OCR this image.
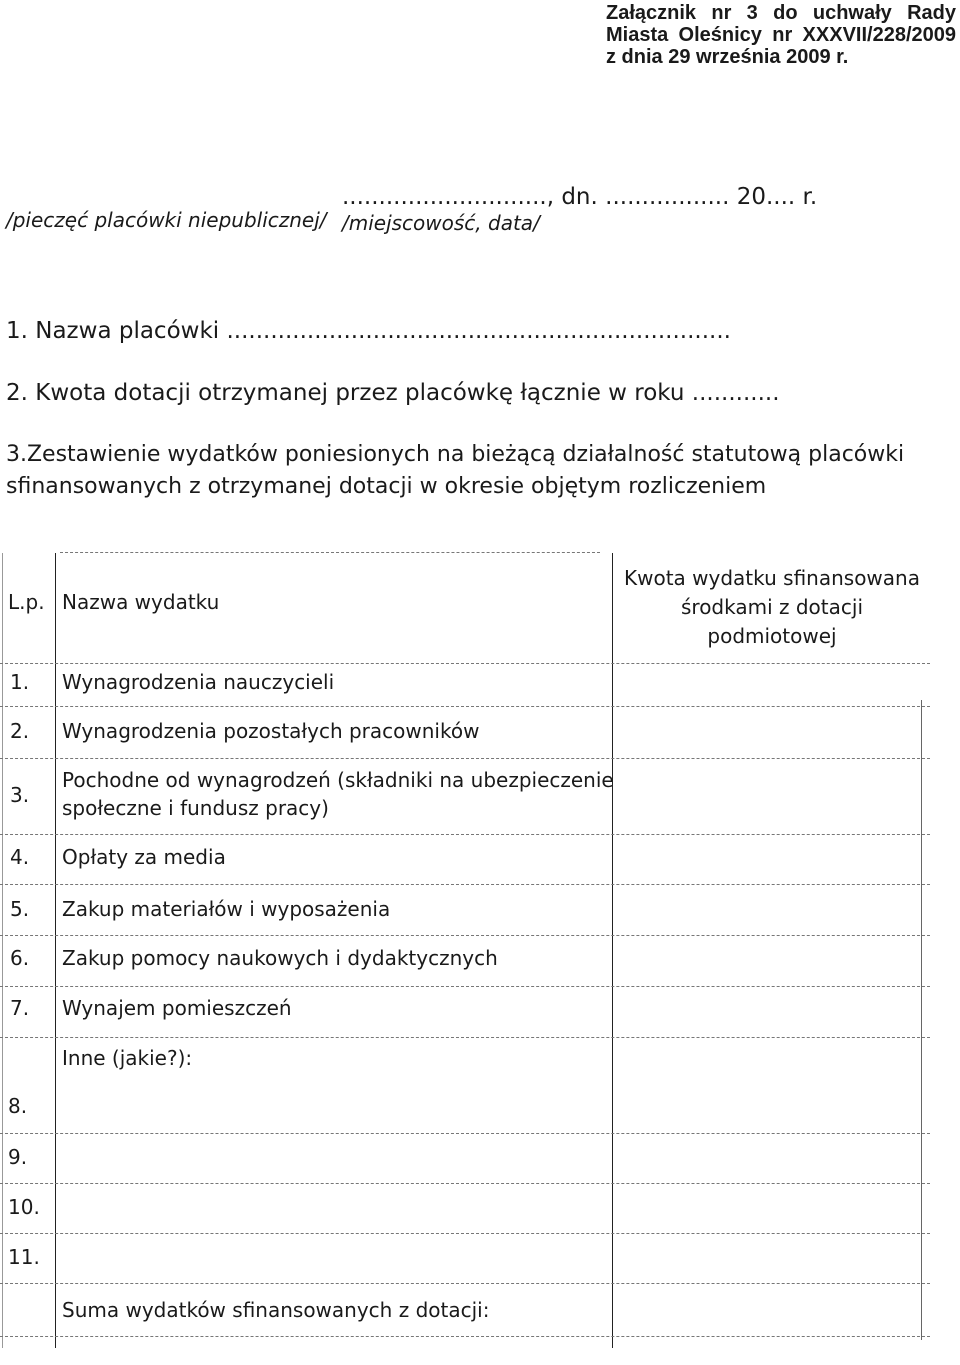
Załącznik nr 3 do uchwały Rady
Miasta Oleśnicy nr XXXVII/228/2009
z dnia 29 września 2009 r.
/pieczęć placówki niepublicznej/
............................, dn. ................. 20.... r.
/miejscowość, data/
1. Nazwa placówki .....................................................................
2. Kwota dotacji otrzymanej przez placówkę łącznie w roku ............
3.Zestawienie wydatków poniesionych na bieżącą działalność statutową placówki
sfinansowanych z otrzymanej dotacji w okresie objętym rozliczeniem
L.p. Nazwa wydatku
Kwota wydatku sfinansowana
środkami z dotacji
podmiotowej
1. Wynagrodzenia nauczycieli
2. Wynagrodzenia pozostałych pracowników
3.
Pochodne od wynagrodzeń (składniki na ubezpieczenie
społeczne i fundusz pracy)
4. Opłaty za media
5. Zakup materiałów i wyposażenia
6. Zakup pomocy naukowych i dydaktycznych
7. Wynajem pomieszczeń
Inne (jakie?):
8.
9.
10.
11.
Suma wydatków sfinansowanych z dotacji:
